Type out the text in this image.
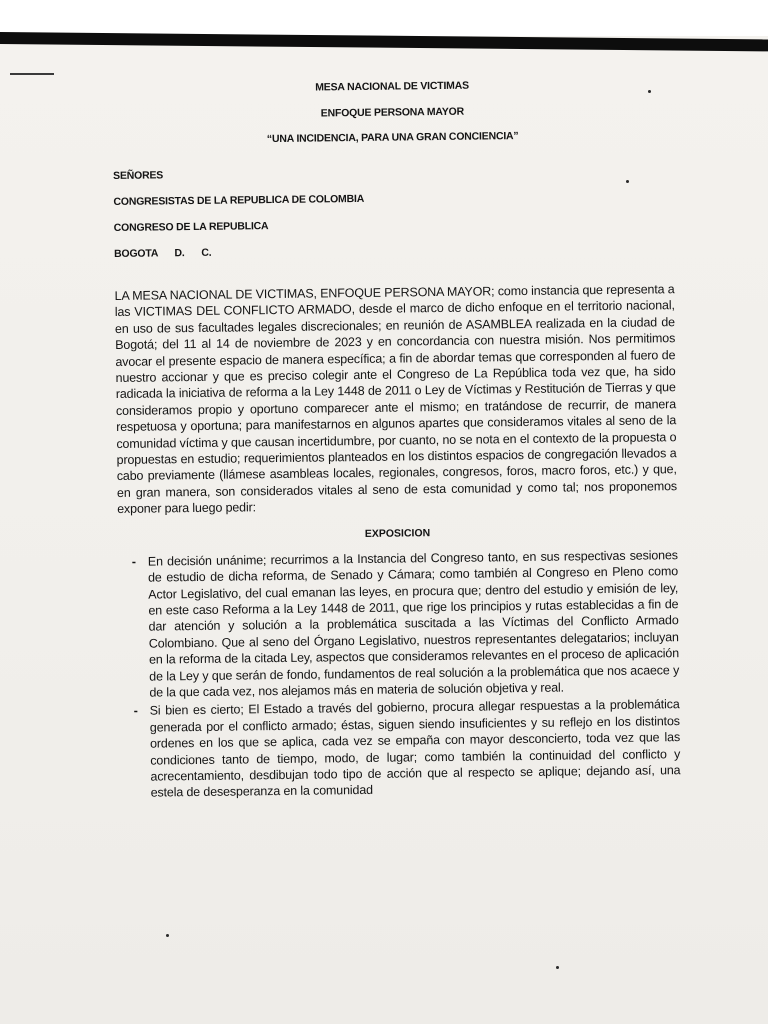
MESA NACIONAL DE VICTIMAS
ENFOQUE PERSONA MAYOR
“UNA INCIDENCIA, PARA UNA GRAN CONCIENCIA”
SEÑORES
CONGRESISTAS DE LA REPUBLICA DE COLOMBIA
CONGRESO DE LA REPUBLICA
BOGOTA D. C.
LA MESA NACIONAL DE VICTIMAS, ENFOQUE PERSONA MAYOR; como instancia que representa a las VICTIMAS DEL CONFLICTO ARMADO, desde el marco de dicho enfoque en el territorio nacional, en uso de sus facultades legales discrecionales; en reunión de ASAMBLEA realizada en la ciudad de Bogotá; del 11 al 14 de noviembre de 2023 y en concordancia con nuestra misión. Nos permitimos avocar el presente espacio de manera específica; a fin de abordar temas que corresponden al fuero de nuestro accionar y que es preciso colegir ante el Congreso de La República toda vez que, ha sido radicada la iniciativa de reforma a la Ley 1448 de 2011 o Ley de Víctimas y Restitución de Tierras y que consideramos propio y oportuno comparecer ante el mismo; en tratándose de recurrir, de manera respetuosa y oportuna; para manifestarnos en algunos apartes que consideramos vitales al seno de la comunidad víctima y que causan incertidumbre, por cuanto, no se nota en el contexto de la propuesta o propuestas en estudio; requerimientos planteados en los distintos espacios de congregación llevados a cabo previamente (llámese asambleas locales, regionales, congresos, foros, macro foros, etc.) y que, en gran manera, son considerados vitales al seno de esta comunidad y como tal; nos proponemos exponer para luego pedir:
EXPOSICION
- En decisión unánime; recurrimos a la Instancia del Congreso tanto, en sus respectivas sesiones de estudio de dicha reforma, de Senado y Cámara; como también al Congreso en Pleno como Actor Legislativo, del cual emanan las leyes, en procura que; dentro del estudio y emisión de ley, en este caso Reforma a la Ley 1448 de 2011, que rige los principios y rutas establecidas a fin de dar atención y solución a la problemática suscitada a las Víctimas del Conflicto Armado Colombiano. Que al seno del Órgano Legislativo, nuestros representantes delegatarios; incluyan en la reforma de la citada Ley, aspectos que consideramos relevantes en el proceso de aplicación de la Ley y que serán de fondo, fundamentos de real solución a la problemática que nos acaece y de la que cada vez, nos alejamos más en materia de solución objetiva y real.
- Si bien es cierto; El Estado a través del gobierno, procura allegar respuestas a la problemática generada por el conflicto armado; éstas, siguen siendo insuficientes y su reflejo en los distintos ordenes en los que se aplica, cada vez se empaña con mayor desconcierto, toda vez que las condiciones tanto de tiempo, modo, de lugar; como también la continuidad del conflicto y acrecentamiento, desdibujan todo tipo de acción que al respecto se aplique; dejando así, una estela de desesperanza en la comunidad
